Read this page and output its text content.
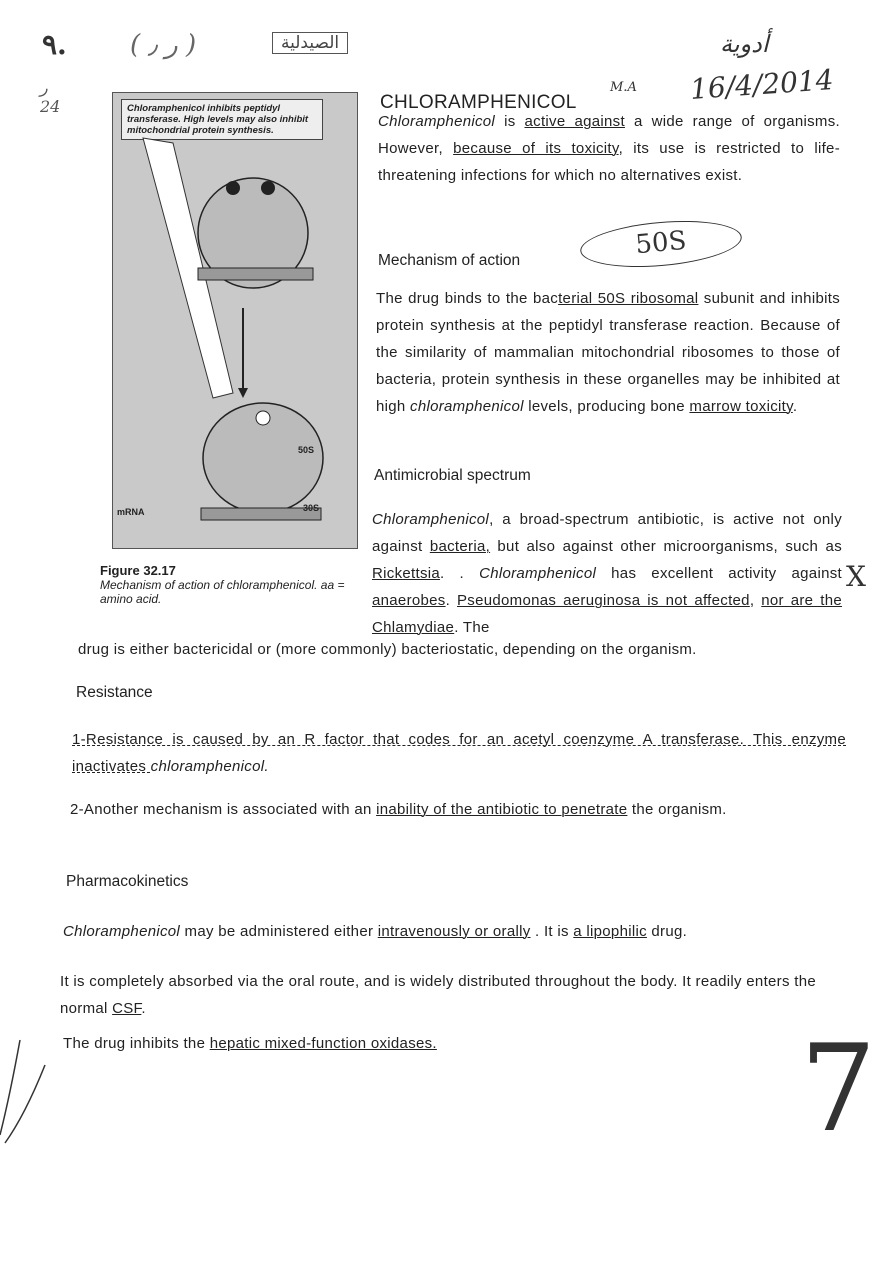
٩. ( ر ٫ )	الصيدلية	أدوية
16/4/2014
M.A
ﺭ
24	Chloramphenicol inhibits peptidyl transferase. High levels may also inhibit mitochondrial protein synthesis.
50S
30S
mRNA
Figure 32.17
Mechanism of action of chloramphenicol. aa = amino acid.
CHLORAMPHENICOL
Chloramphenicol is active against a wide range of organisms. However, because of its toxicity, its use is restricted to life-threatening infections for which no alternatives exist.
Mechanism of action
50S
The drug binds to the bacterial 50S ribosomal subunit and inhibits protein synthesis at the peptidyl transferase reaction. Because of the similarity of mammalian mitochondrial ribosomes to those of bacteria, protein synthesis in these organelles may be inhibited at high chloramphenicol levels, producing bone marrow toxicity.
Antimicrobial spectrum
Chloramphenicol, a broad-spectrum antibiotic, is active not only against bacteria, but also against other microorganisms, such as Rickettsia. . Chloramphenicol has excellent activity against anaerobes. Pseudomonas aeruginosa is not affected, nor are the Chlamydiae. The
X
drug is either bactericidal or (more commonly) bacteriostatic, depending on the organism.
Resistance
1-Resistance is caused by an R factor that codes for an acetyl coenzyme A transferase. This enzyme inactivates chloramphenicol.
2-Another mechanism is associated with an inability of the antibiotic to penetrate the organism.
Pharmacokinetics
Chloramphenicol may be administered either intravenously or orally . It is a lipophilic drug.
It is completely absorbed via the oral route, and is widely distributed throughout the body. It readily enters the normal CSF.
The drug inhibits the hepatic mixed-function oxidases.	7
